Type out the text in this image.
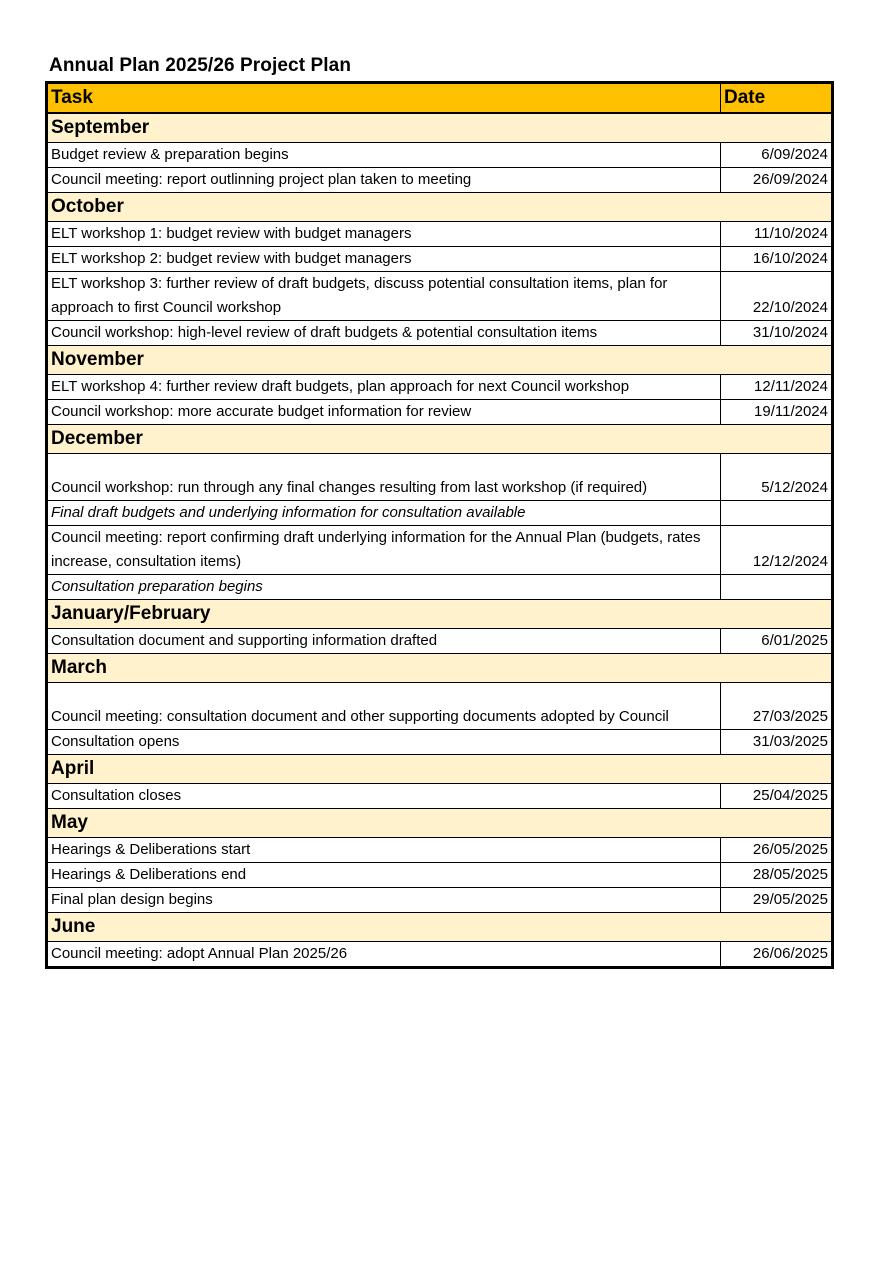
Annual Plan 2025/26 Project Plan
Task	Date
September	
Budget review & preparation begins	6/09/2024
Council meeting: report outlinning project plan taken to meeting	26/09/2024
October	
ELT workshop 1: budget review with budget managers	11/10/2024
ELT workshop 2: budget review with budget managers	16/10/2024
ELT workshop 3: further review of draft budgets, discuss potential consultation items, plan for approach to first Council workshop	22/10/2024
Council workshop: high-level review of draft budgets & potential consultation items	31/10/2024
November	
ELT workshop 4: further review draft budgets, plan approach for next Council workshop	12/11/2024
Council workshop: more accurate budget information for review	19/11/2024
December	
Council workshop: run through any final changes resulting from last workshop (if required)	5/12/2024
Final draft budgets and underlying information for consultation available	
Council meeting: report confirming draft underlying information for the Annual Plan (budgets, rates increase, consultation items)	12/12/2024
Consultation preparation begins	
January/February	
Consultation document and supporting information drafted	6/01/2025
March	
Council meeting: consultation document and other supporting documents adopted by Council	27/03/2025
Consultation opens	31/03/2025
April	
Consultation closes	25/04/2025
May	
Hearings & Deliberations start	26/05/2025
Hearings & Deliberations end	28/05/2025
Final plan design begins	29/05/2025
June	
Council meeting: adopt Annual Plan 2025/26	26/06/2025
